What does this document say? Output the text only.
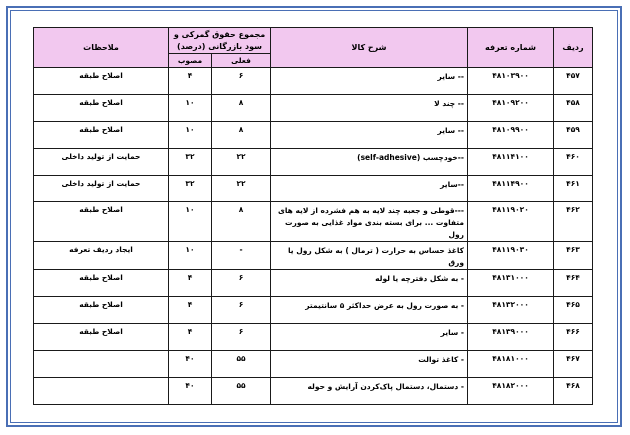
ردیف	شماره تعرفه	شرح کالا	مجموع حقوق گمرکی و سود بازرگانی (درصد)		ملاحظات
			فعلی	مصوب	
۴۵۷	۴۸۱۰۳۹۰۰	-- سایر	۶	۴	اصلاح طبقه
۴۵۸	۴۸۱۰۹۲۰۰	-- چند لا	۸	۱۰	اصلاح طبقه
۴۵۹	۴۸۱۰۹۹۰۰	-- سایر	۸	۱۰	اصلاح طبقه
۴۶۰	۴۸۱۱۴۱۰۰	--خودچسب (self-adhesive)	۲۲	۳۲	حمایت از تولید داخلی
۴۶۱	۴۸۱۱۴۹۰۰	--سایر	۲۲	۳۲	حمایت از تولید داخلی
۴۶۲	۴۸۱۱۹۰۲۰	---قوطی و جعبه چند لایه به هم فشرده از لایه های متفاوت ... برای بسته بندی مواد غذایی به صورت رول	۸	۱۰	اصلاح طبقه
۴۶۳	۴۸۱۱۹۰۳۰	کاغذ حساس به حرارت ( ترمال ) به شکل رول یا ورق	-	۱۰	ایجاد ردیف تعرفه
۴۶۴	۴۸۱۳۱۰۰۰	- به شکل دفترچه یا لوله	۶	۴	اصلاح طبقه
۴۶۵	۴۸۱۳۲۰۰۰	- به صورت رول به عرض حداکثر ۵ سانتیمتر	۶	۴	اصلاح طبقه
۴۶۶	۴۸۱۳۹۰۰۰	- سایر	۶	۴	اصلاح طبقه
۴۶۷	۴۸۱۸۱۰۰۰	- کاغذ توالت	۵۵	۴۰	
۴۶۸	۴۸۱۸۲۰۰۰	- دستمال، دستمال پاک‌کردن آرایش و حوله	۵۵	۴۰	
